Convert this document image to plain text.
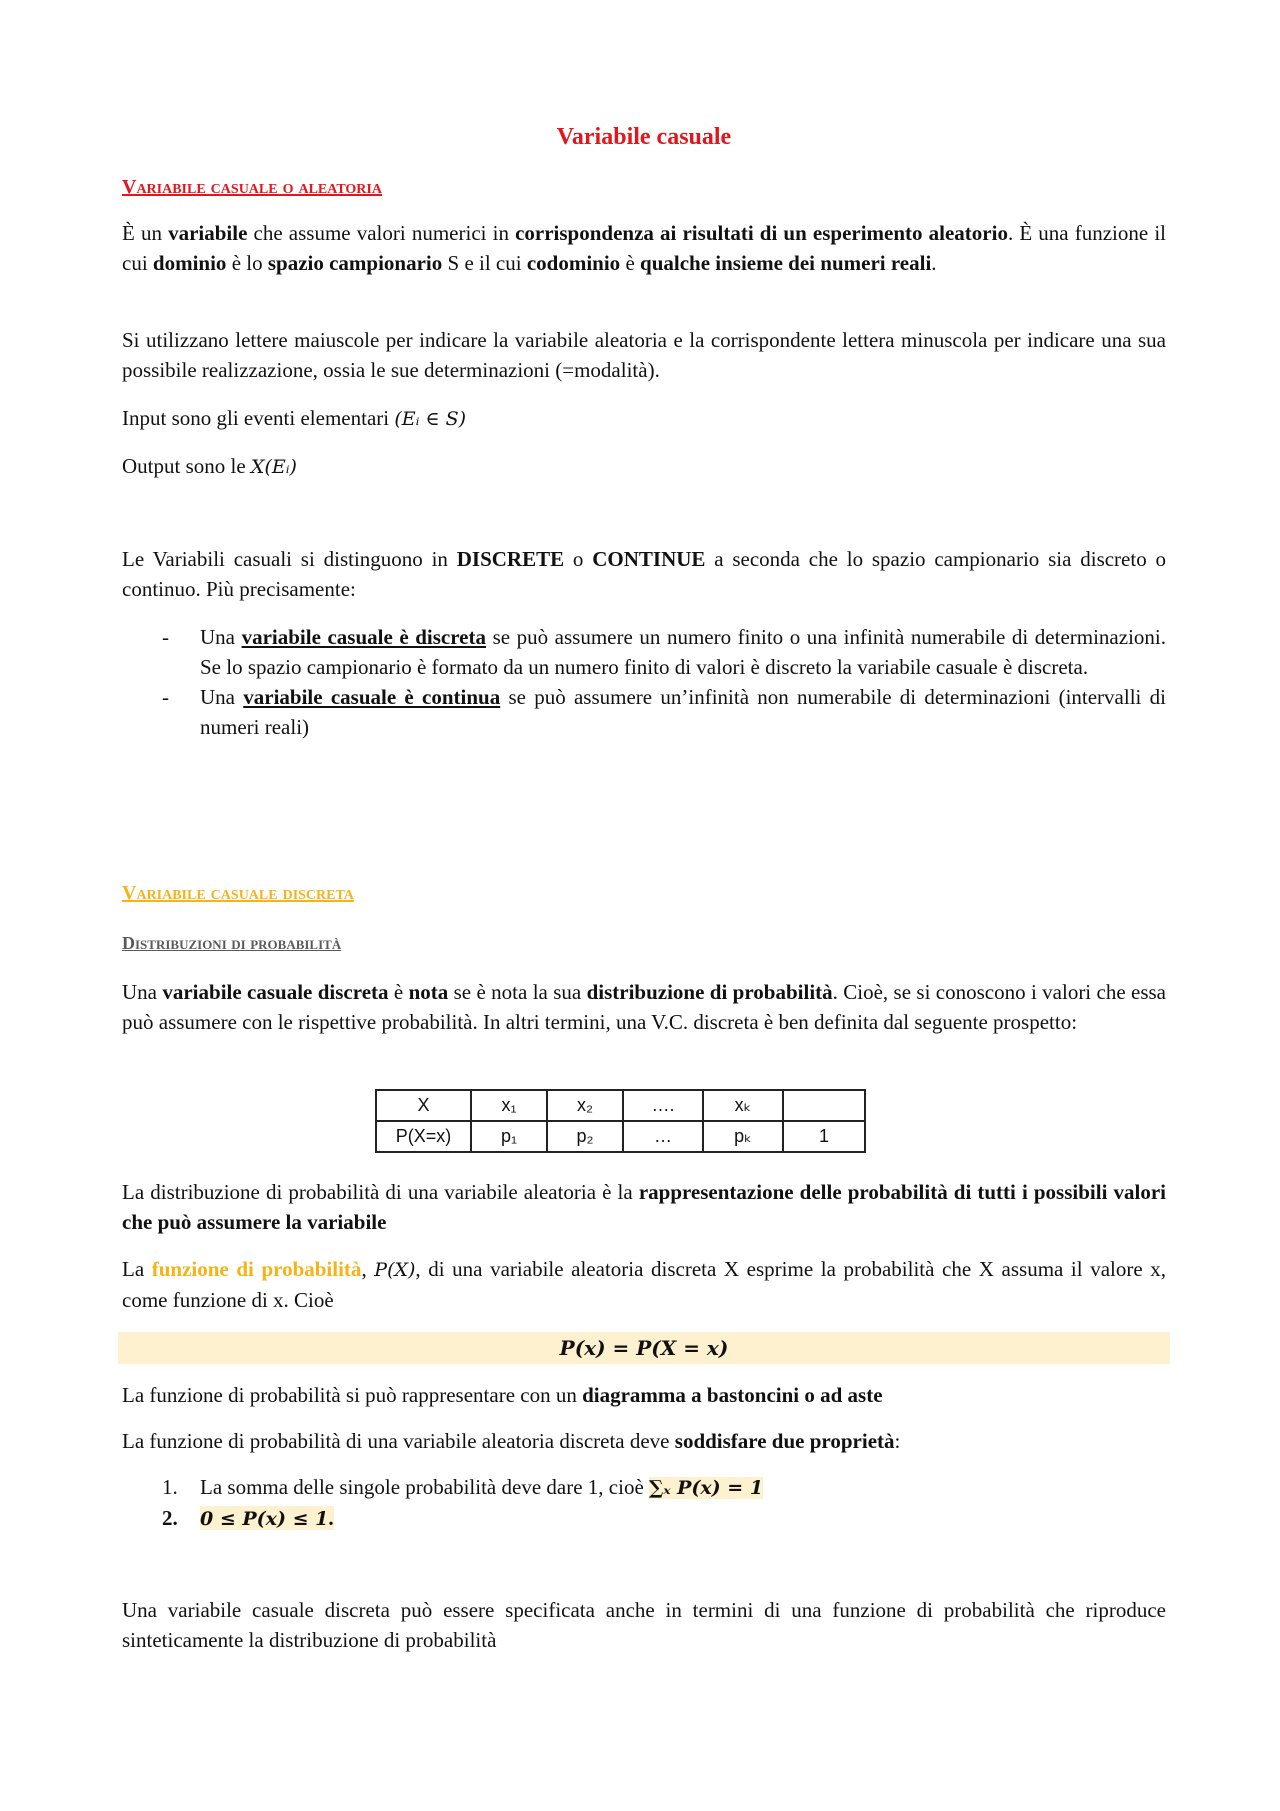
Variabile casuale
Variabile casuale o aleatoria

È un variabile che assume valori numerici in corrispondenza ai risultati di un esperimento aleatorio. È una funzione il cui dominio è lo spazio campionario S e il cui codominio è qualche insieme dei numeri reali.

Si utilizzano lettere maiuscole per indicare la variabile aleatoria e la corrispondente lettera minuscola per indicare una sua possibile realizzazione, ossia le sue determinazioni (=modalità).

Input sono gli eventi elementari (Eᵢ ∈ S)

Output sono le X(Eᵢ)

Le Variabili casuali si distinguono in DISCRETE o CONTINUE a seconda che lo spazio campionario sia discreto o continuo. Più precisamente:

- Una variabile casuale è discreta se può assumere un numero finito o una infinità numerabile di determinazioni. Se lo spazio campionario è formato da un numero finito di valori è discreto la variabile casuale è discreta.
- Una variabile casuale è continua se può assumere un’infinità non numerabile di determinazioni (intervalli di numeri reali)
Variabile casuale discreta
Distribuzioni di probabilità

Una variabile casuale discreta è nota se è nota la sua distribuzione di probabilità. Cioè, se si conoscono i valori che essa può assumere con le rispettive probabilità. In altri termini, una V.C. discreta è ben definita dal seguente prospetto:

X	x₁	x₂	….	xₖ	
P(X=x)	p₁	p₂	…	pₖ	1

La distribuzione di probabilità di una variabile aleatoria è la rappresentazione delle probabilità di tutti i possibili valori che può assumere la variabile

La funzione di probabilità, P(X), di una variabile aleatoria discreta X esprime la probabilità che X assuma il valore x, come funzione di x. Cioè

P(x) = P(X = x)

La funzione di probabilità si può rappresentare con un diagramma a bastoncini o ad aste

La funzione di probabilità di una variabile aleatoria discreta deve soddisfare due proprietà:

1. La somma delle singole probabilità deve dare 1, cioè ∑ₓ P(x) = 1
2. 0 ≤ P(x) ≤ 1.

Una variabile casuale discreta può essere specificata anche in termini di una funzione di probabilità che riproduce sinteticamente la distribuzione di probabilità
